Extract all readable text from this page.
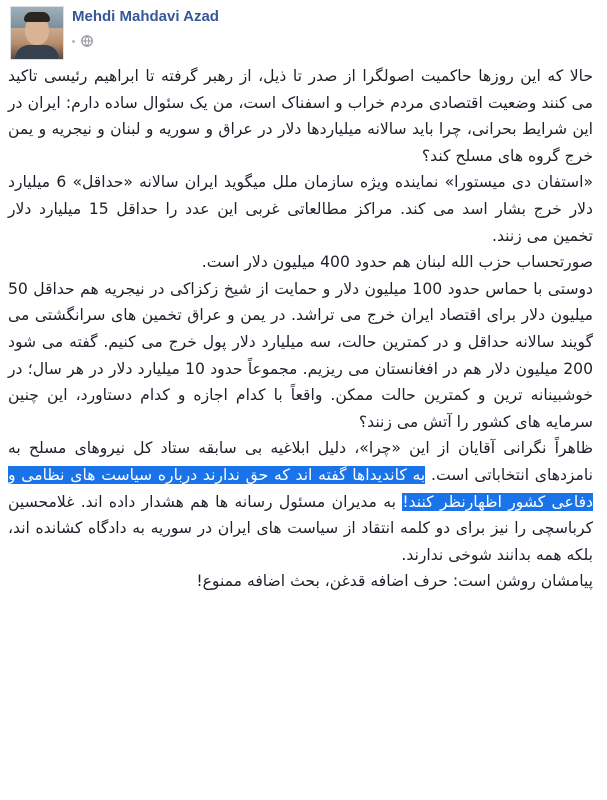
Mehdi Mahdavi Azad

حالا که این روزها حاکمیت اصولگرا از صدر تا ذیل، از رهبر گرفته تا ابراهیم رئیسی تاکید می کنند وضعیت اقتصادی مردم خراب و اسفناک است، من یک سئوال ساده دارم: ایران در این شرایط بحرانی، چرا باید سالانه میلیاردها دلار در عراق و سوریه و لبنان و نیجریه و یمن خرج گروه های مسلح کند؟

«استفان دی میستورا» نماینده ویژه سازمان ملل میگوید ایران سالانه «حداقل» 6 میلیارد دلار خرج بشار اسد می کند. مراکز مطالعاتی غربی این عدد را حداقل 15 میلیارد دلار تخمین می زنند.

صورتحساب حزب الله لبنان هم حدود 400 میلیون دلار است.

دوستی با حماس حدود 100 میلیون دلار و حمایت از شیخ زکزاکی در نیجریه هم حداقل 50 میلیون دلار برای اقتصاد ایران خرج می تراشد. در یمن و عراق تخمین های سرانگشتی می گویند سالانه حداقل و در کمترین حالت، سه میلیارد دلار پول خرج می کنیم. گفته می شود 200 میلیون دلار هم در افغانستان می ریزیم. مجموعاً حدود 10 میلیارد دلار در هر سال؛ در خوشبینانه ترین و کمترین حالت ممکن. واقعاً با کدام اجازه و کدام دستاورد، این چنین سرمایه های کشور را آتش می زنند؟

ظاهراً نگرانی آقایان از این «چرا»، دلیل ابلاغیه بی سابقه ستاد کل نیروهای مسلح به نامزدهای انتخاباتی است. به کاندیداها گفته اند که حق ندارند درباره سیاست های نظامی و دفاعی کشور اظهارنظر کنند! به مدیران مسئول رسانه ها هم هشدار داده اند. غلامحسین کرباسچی را نیز برای دو کلمه انتقاد از سیاست های ایران در سوریه به دادگاه کشانده اند، بلکه همه بدانند شوخی ندارند.

پیامشان روشن است: حرف اضافه قدغن، بحث اضافه ممنوع!
